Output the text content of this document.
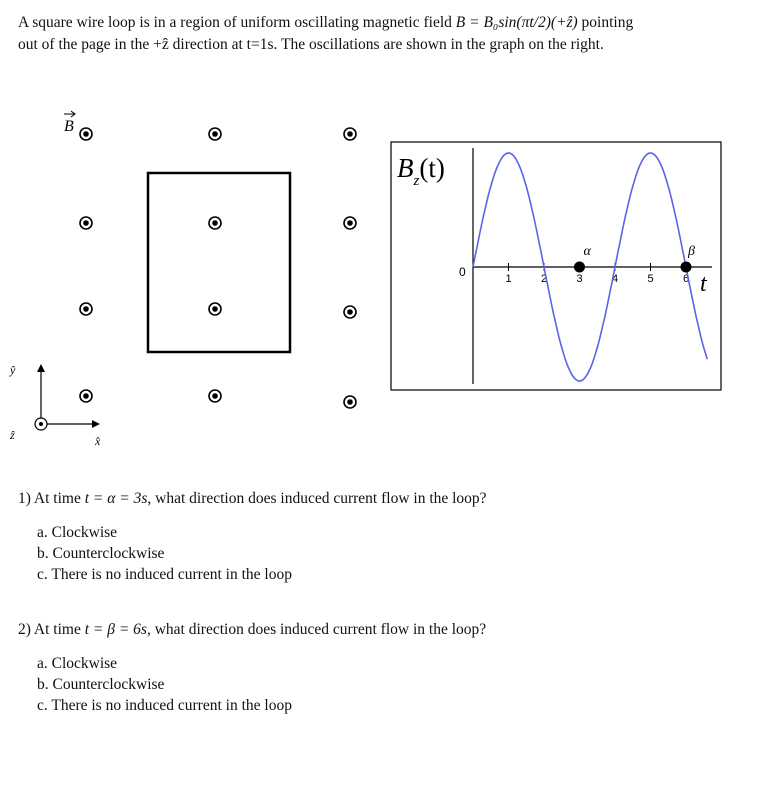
A square wire loop is in a region of uniform oscillating magnetic field B = B₀sin(πt/2)(+ẑ) pointing
out of the page in the +ẑ direction at t=1s. The oscillations are shown in the graph on the right.
B
ŷ
x̂
ẑ
$B_z(t)$
0	t
1	2	3	4	5	6
α	β
1) At time t = α = 3s, what direction does induced current flow in the loop?
a. Clockwise
b. Counterclockwise
c. There is no induced current in the loop
2) At time t = β = 6s, what direction does induced current flow in the loop?
a. Clockwise
b. Counterclockwise
c. There is no induced current in the loop
